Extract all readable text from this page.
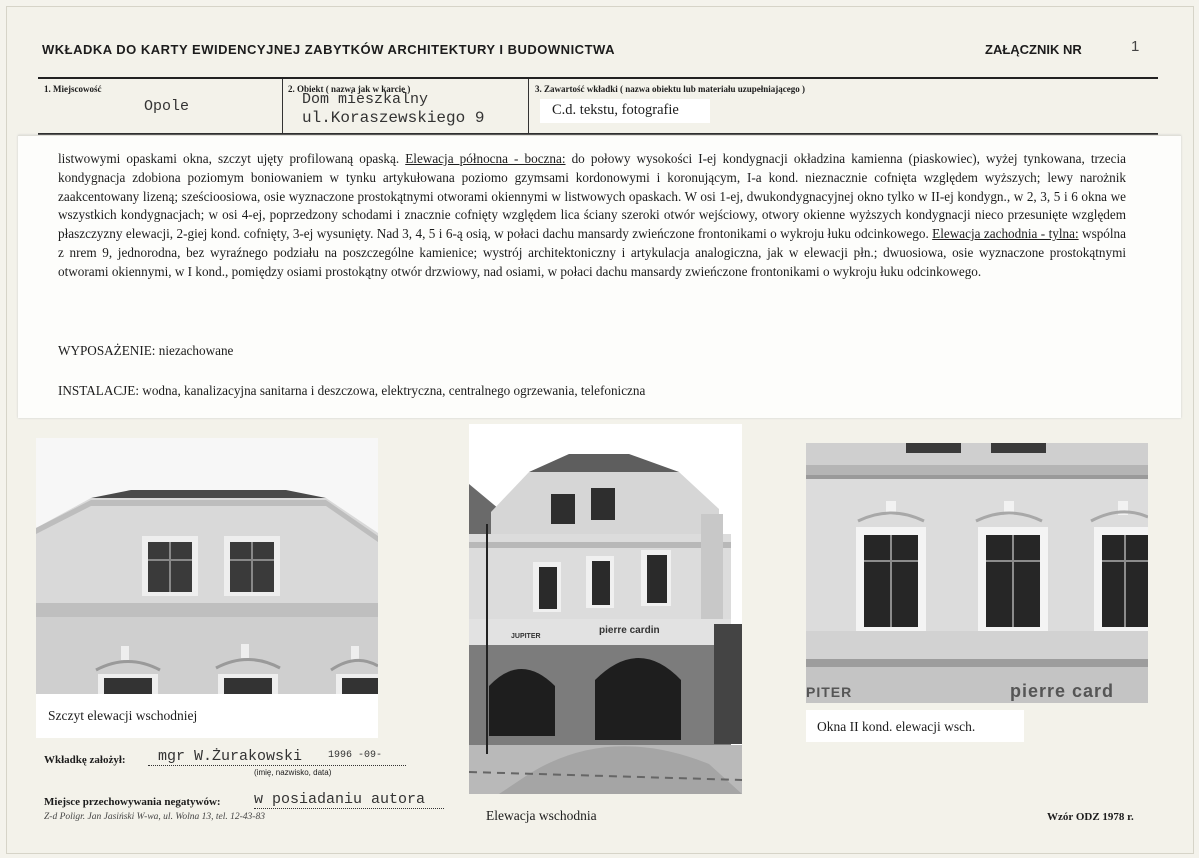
WKŁADKA DO KARTY EWIDENCYJNEJ ZABYTKÓW ARCHITEKTURY I BUDOWNICTWA	ZAŁĄCZNIK NR	1
1. Miejscowość
Opole
2. Obiekt ( nazwa jak w karcie )
Dom mieszkalny
ul.Koraszewskiego 9
3. Zawartość wkładki ( nazwa obiektu lub materiału uzupełniającego )
C.d. tekstu, fotografie
listwowymi opaskami okna, szczyt ujęty profilowaną opaską. Elewacja północna - boczna: do połowy wysokości I-ej kondygnacji okładzina kamienna (piaskowiec), wyżej tynkowana, trzecia kondygnacja zdobiona poziomym boniowaniem w tynku artykułowana poziomo gzymsami kordonowymi i koronującym, I-a kond. nieznacznie cofnięta względem wyższych; lewy narożnik zaakcentowany lizeną; sześcioosiowa, osie wyznaczone prostokątnymi otworami okiennymi w listwowych opaskach. W osi 1-ej, dwukondygnacyjnej okno tylko w II-ej kondygn., w 2, 3, 5 i 6 okna we wszystkich kondygnacjach; w osi 4-ej, poprzedzony schodami i znacznie cofnięty względem lica ściany szeroki otwór wejściowy, otwory okienne wyższych kondygnacji nieco przesunięte względem płaszczyzny elewacji, 2-giej kond. cofnięty, 3-ej wysunięty. Nad 3, 4, 5 i 6-ą osią, w połaci dachu mansardy zwieńczone frontonikami o wykroju łuku odcinkowego. Elewacja zachodnia - tylna: wspólna z nrem 9, jednorodna, bez wyraźnego podziału na poszczególne kamienice; wystrój architektoniczny i artykulacja analogiczna, jak w elewacji płn.; dwuosiowa, osie wyznaczone prostokątnymi otworami okiennymi, w I kond., pomiędzy osiami prostokątny otwór drzwiowy, nad osiami, w połaci dachu mansardy zwieńczone frontonikami o wykroju łuku odcinkowego.
WYPOSAŻENIE: niezachowane
INSTALACJE: wodna, kanalizacyjna sanitarna i deszczowa, elektryczna, centralnego ogrzewania, telefoniczna
Szczyt elewacji wschodniej
JUPITER
pierre cardin
Elewacja wschodnia
PITER	pierre card
Okna II kond. elewacji wsch.
Wkładkę założył: mgr W.Żurakowski	1996 -09-
(imię, nazwisko, data)
Miejsce przechowywania negatywów: w posiadaniu autora
Z-d Poligr. Jan Jasiński W-wa, ul. Wolna 13, tel. 12-43-83	Wzór ODZ 1978 r.
